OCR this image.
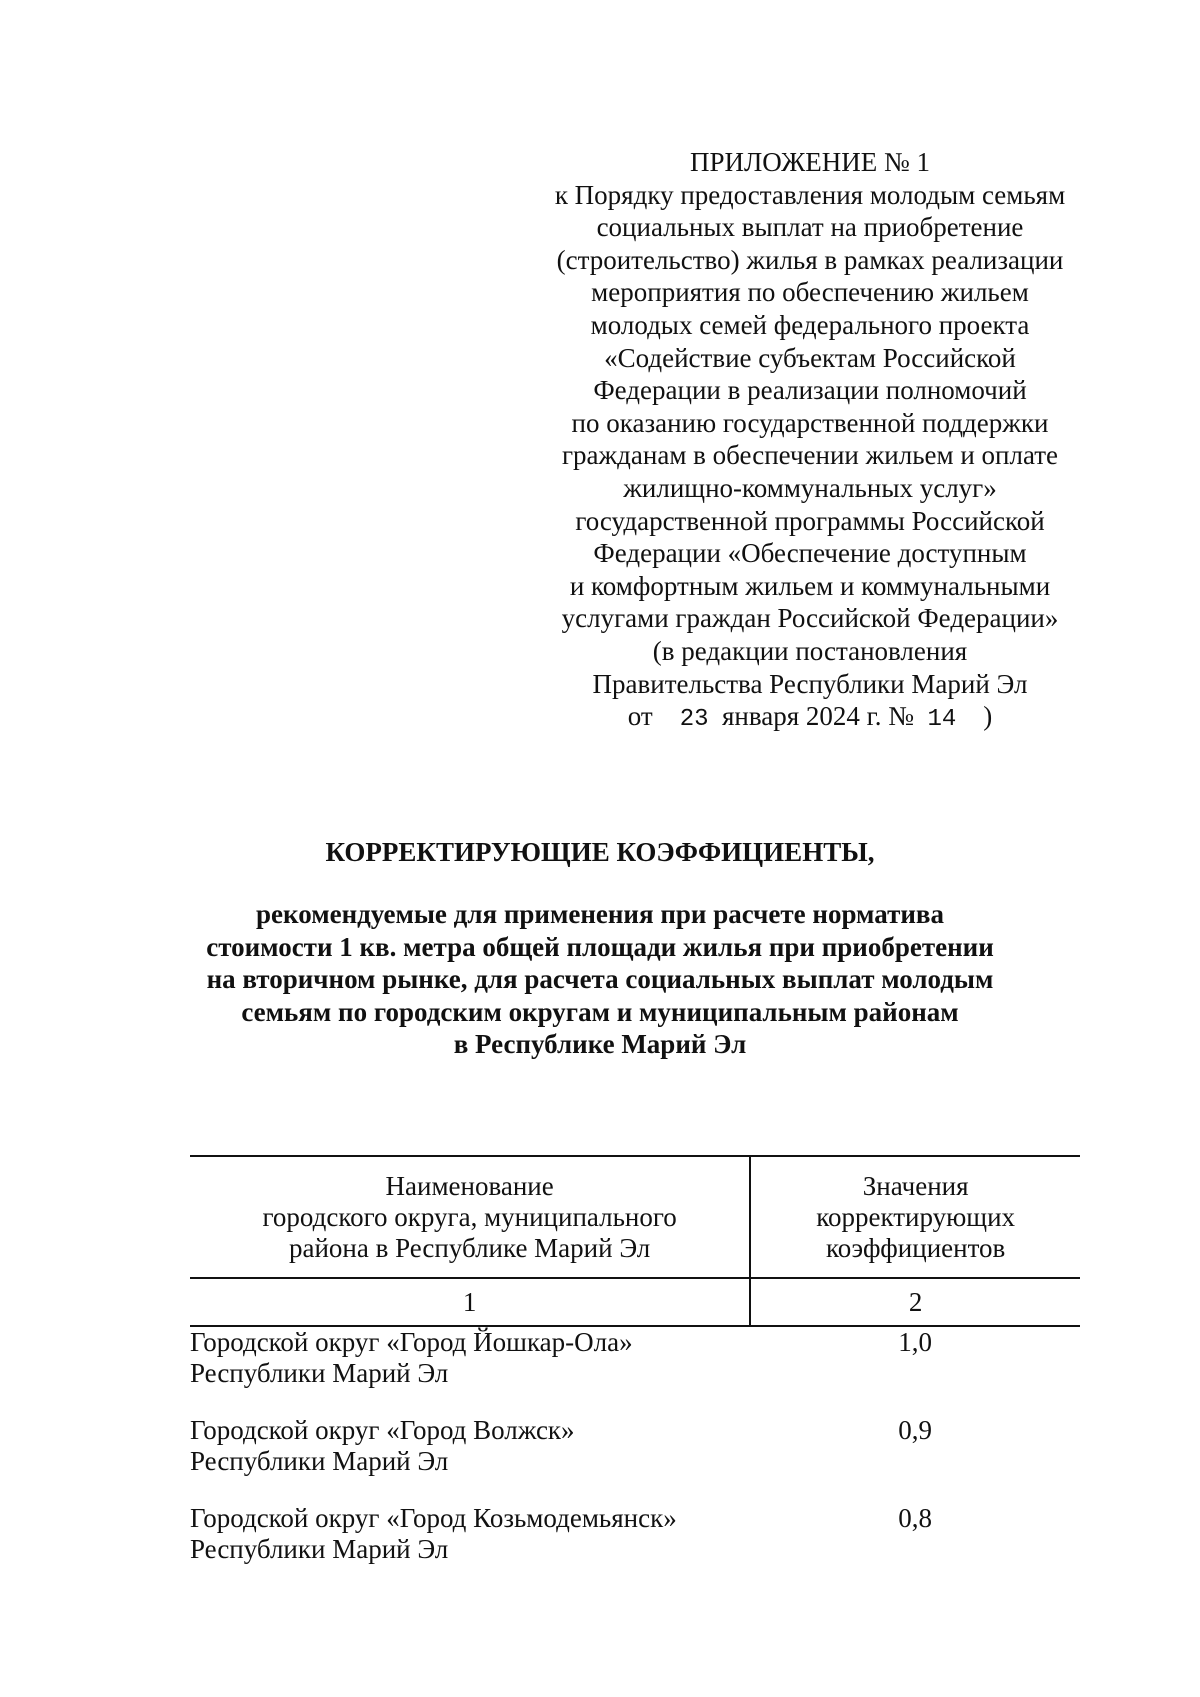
ПРИЛОЖЕНИЕ № 1
к Порядку предоставления молодым семьям
социальных выплат на приобретение
(строительство) жилья в рамках реализации
мероприятия по обеспечению жильем
молодых семей федерального проекта
«Содействие субъектам Российской
Федерации в реализации полномочий
по оказанию государственной поддержки
гражданам в обеспечении жильем и оплате
жилищно-коммунальных услуг»
государственной программы Российской
Федерации «Обеспечение доступным
и комфортным жильем и коммунальными
услугами граждан Российской Федерации»
(в редакции постановления
Правительства Республики Марий Эл
от 23 января 2024 г. № 14 )
КОРРЕКТИРУЮЩИЕ КОЭФФИЦИЕНТЫ,
рекомендуемые для применения при расчете норматива
стоимости 1 кв. метра общей площади жилья при приобретении
на вторичном рынке, для расчета социальных выплат молодым
семьям по городским округам и муниципальным районам
в Республике Марий Эл
Наименование
городского округа, муниципального
района в Республике Марий Эл	Значения
корректирующих
коэффициентов

1	2

Городской округ «Город Йошкар-Ола»
Республики Марий Эл	1,0

Городской округ «Город Волжск»
Республики Марий Эл	0,9

Городской округ «Город Козьмодемьянск»
Республики Марий Эл	0,8
